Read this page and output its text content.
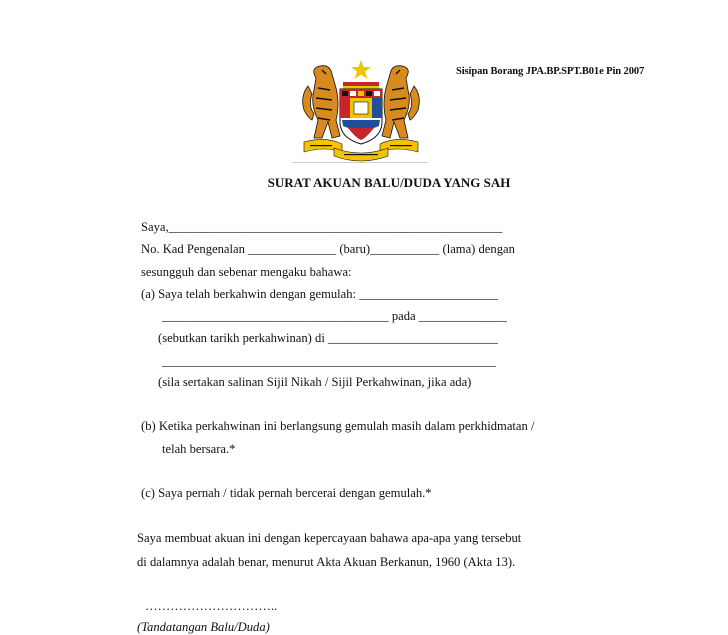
Sisipan Borang JPA.BP.SPT.B01e Pin 2007
SURAT AKUAN BALU/DUDA YANG SAH
Saya,_____________________________________________________
No. Kad Pengenalan ______________ (baru)___________ (lama) dengan
sesungguh dan sebenar mengaku bahawa:
(a) Saya telah berkahwin dengan gemulah: ______________________
____________________________________ pada ______________
(sebutkan tarikh perkahwinan) di ___________________________
_____________________________________________________
(sila sertakan salinan Sijil Nikah / Sijil Perkahwinan, jika ada)
(b) Ketika perkahwinan ini berlangsung gemulah masih dalam perkhidmatan /
telah bersara.*
(c) Saya pernah / tidak pernah bercerai dengan gemulah.*
Saya membuat akuan ini dengan kepercayaan bahawa apa-apa yang tersebut
di dalamnya adalah benar, menurut Akta Akuan Berkanun, 1960 (Akta 13).
…………………………..
(Tandatangan Balu/Duda)
